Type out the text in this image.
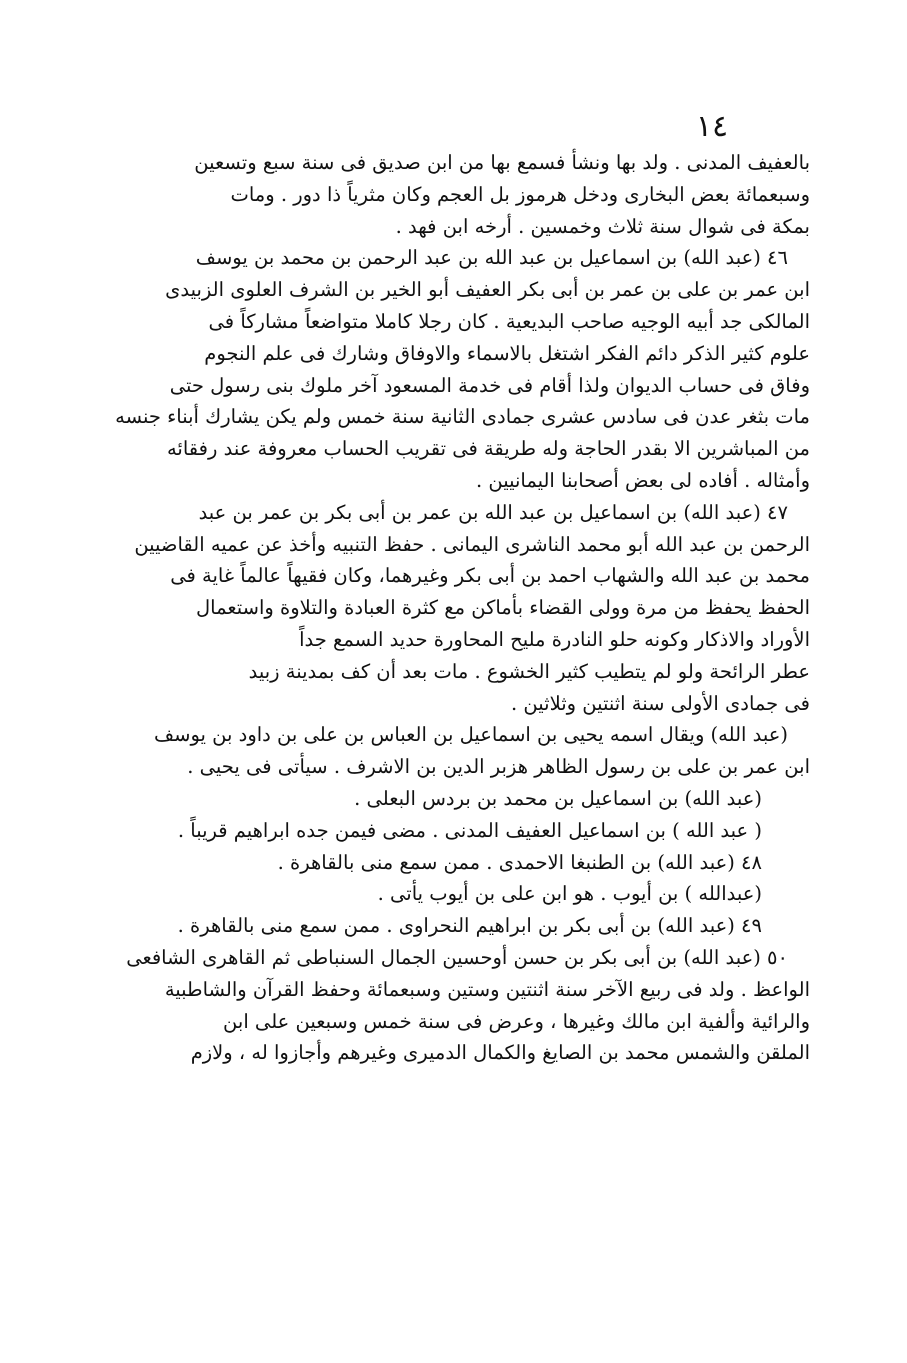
١٤
بالعفيف المدنى . ولد بها ونشأ فسمع بها من ابن صديق فى سنة سبع وتسعين
وسبعمائة بعض البخارى ودخل هرموز بل العجم وكان مثرياً ذا دور . ومات
بمكة فى شوال سنة ثلاث وخمسين . أرخه ابن فهد .
٤٦ (عبد الله) بن اسماعيل بن عبد الله بن عبد الرحمن بن محمد بن يوسف
ابن عمر بن على بن عمر بن أبى بكر العفيف أبو الخير بن الشرف العلوى الزبيدى
المالكى جد أبيه الوجيه صاحب البديعية . كان رجلا كاملا متواضعاً مشاركاً فى
علوم كثير الذكر دائم الفكر اشتغل بالاسماء والاوفاق وشارك فى علم النجوم
وفاق فى حساب الديوان ولذا أقام فى خدمة المسعود آخر ملوك بنى رسول حتى
مات بثغر عدن فى سادس عشرى جمادى الثانية سنة خمس ولم يكن يشارك أبناء جنسه
من المباشرين الا بقدر الحاجة وله طريقة فى تقريب الحساب معروفة عند رفقائه
وأمثاله . أفاده لى بعض أصحابنا اليمانيين .
٤٧ (عبد الله) بن اسماعيل بن عبد الله بن عمر بن أبى بكر بن عمر بن عبد
الرحمن بن عبد الله أبو محمد الناشرى اليمانى . حفظ التنبيه وأخذ عن عميه القاضيين
محمد بن عبد الله والشهاب احمد بن أبى بكر وغيرهما، وكان فقيهاً عالماً غاية فى
الحفظ يحفظ من مرة وولى القضاء بأماكن مع كثرة العبادة والتلاوة واستعمال
الأوراد والاذكار وكونه حلو النادرة مليح المحاورة حديد السمع جداً
عطر الرائحة ولو لم يتطيب كثير الخشوع . مات بعد أن كف بمدينة زبيد
فى جمادى الأولى سنة اثنتين وثلاثين .
(عبد الله) ويقال اسمه يحيى بن اسماعيل بن العباس بن على بن داود بن يوسف
ابن عمر بن على بن رسول الظاهر هزبر الدين بن الاشرف . سيأتى فى يحيى .
(عبد الله) بن اسماعيل بن محمد بن بردس البعلى .
( عبد الله ) بن اسماعيل العفيف المدنى . مضى فيمن جده ابراهيم قريباً .
٤٨ (عبد الله) بن الطنبغا الاحمدى . ممن سمع منى بالقاهرة .
(عبدالله ) بن أيوب . هو ابن على بن أيوب يأتى .
٤٩ (عبد الله) بن أبى بكر بن ابراهيم النحراوى . ممن سمع منى بالقاهرة .
٥٠ (عبد الله) بن أبى بكر بن حسن أوحسين الجمال السنباطى ثم القاهرى الشافعى
الواعظ . ولد فى ربيع الآخر سنة اثنتين وستين وسبعمائة وحفظ القرآن والشاطبية
والرائية وألفية ابن مالك وغيرها ، وعرض فى سنة خمس وسبعين على ابن
الملقن والشمس محمد بن الصايغ والكمال الدميرى وغيرهم وأجازوا له ، ولازم
